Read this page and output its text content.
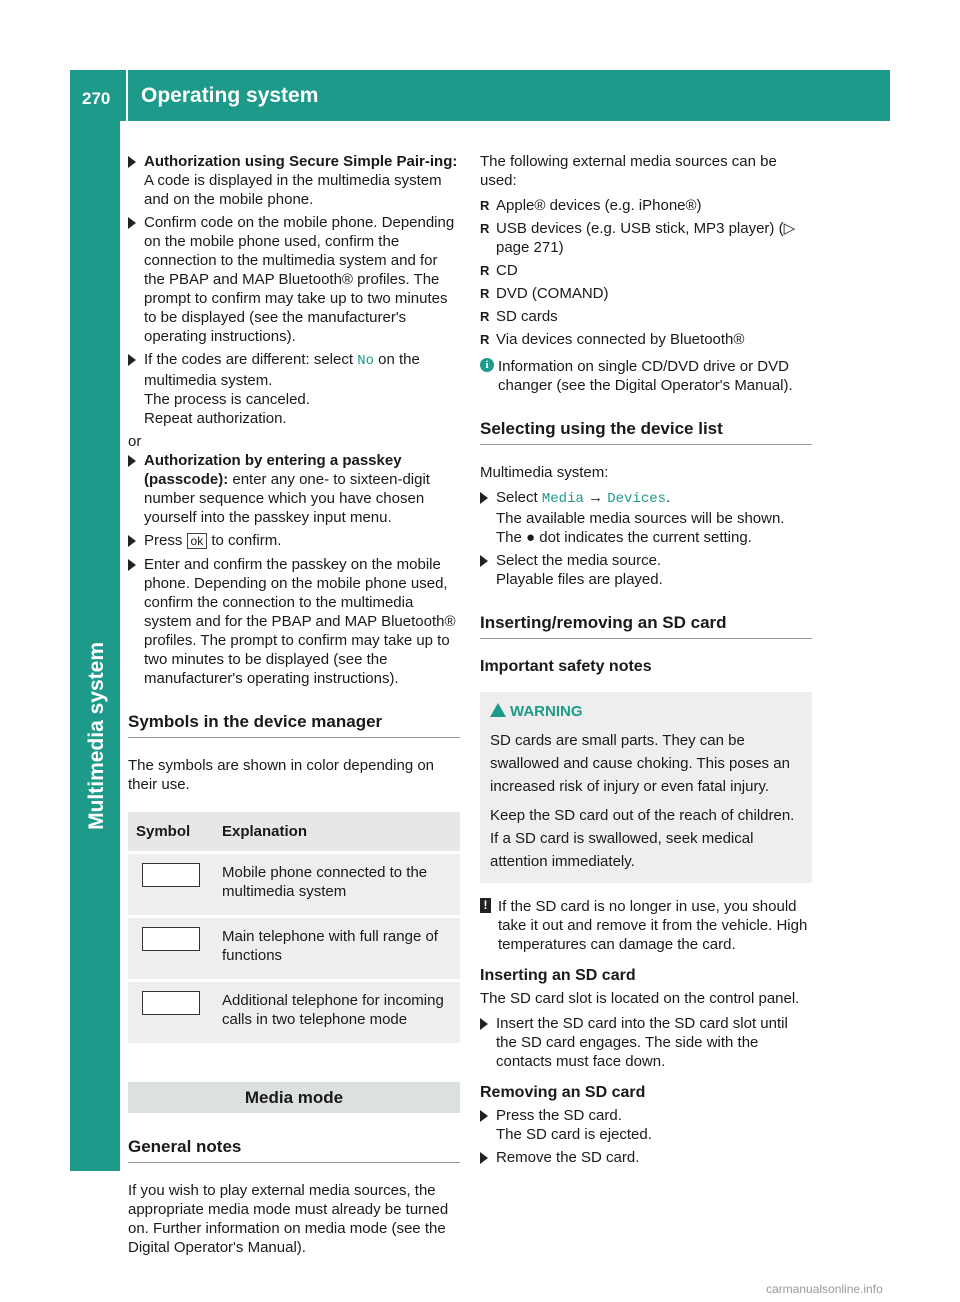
270 Operating system
Multimedia system
Authorization using Secure Simple Pair-ing:
A code is displayed in the multimedia system and on the mobile phone.
Confirm code on the mobile phone. Depending on the mobile phone used, confirm the connection to the multimedia system and for the PBAP and MAP Bluetooth® profiles. The prompt to confirm may take up to two minutes to be displayed (see the manufacturer's operating instructions).
If the codes are different: select No on the multimedia system.
The process is canceled.
Repeat authorization.
or
Authorization by entering a passkey (passcode): enter any one- to sixteen-digit number sequence which you have chosen yourself into the passkey input menu.
Press ok to confirm.
Enter and confirm the passkey on the mobile phone. Depending on the mobile phone used, confirm the connection to the multimedia system and for the PBAP and MAP Bluetooth® profiles. The prompt to confirm may take up to two minutes to be displayed (see the manufacturer's operating instructions).
Symbols in the device manager

The symbols are shown in color depending on their use.

Symbol	Explanation
	Mobile phone connected to the multimedia system
	Main telephone with full range of functions
	Additional telephone for incoming calls in two telephone mode
Media mode
General notes

If you wish to play external media sources, the appropriate media mode must already be turned on. Further information on media mode (see the Digital Operator's Manual).

The following external media sources can be used:

R Apple® devices (e.g. iPhone®)
R USB devices (e.g. USB stick, MP3 player) (▷ page 271)
R CD
R DVD (COMAND)
R SD cards
R Via devices connected by Bluetooth®
i Information on single CD/DVD drive or DVD changer (see the Digital Operator's Manual).
Selecting using the device list

Multimedia system:

Select Media → Devices.
The available media sources will be shown.
The ● dot indicates the current setting.
Select the media source.
Playable files are played.
Inserting/removing an SD card
Important safety notes
WARNING

SD cards are small parts. They can be swallowed and cause choking. This poses an increased risk of injury or even fatal injury.

Keep the SD card out of the reach of children. If a SD card is swallowed, seek medical attention immediately.

! If the SD card is no longer in use, you should take it out and remove it from the vehicle. High temperatures can damage the card.
Inserting an SD card

The SD card slot is located on the control panel.

Insert the SD card into the SD card slot until the SD card engages. The side with the contacts must face down.
Removing an SD card
Press the SD card.
The SD card is ejected.
Remove the SD card.
carmanualsonline.info
